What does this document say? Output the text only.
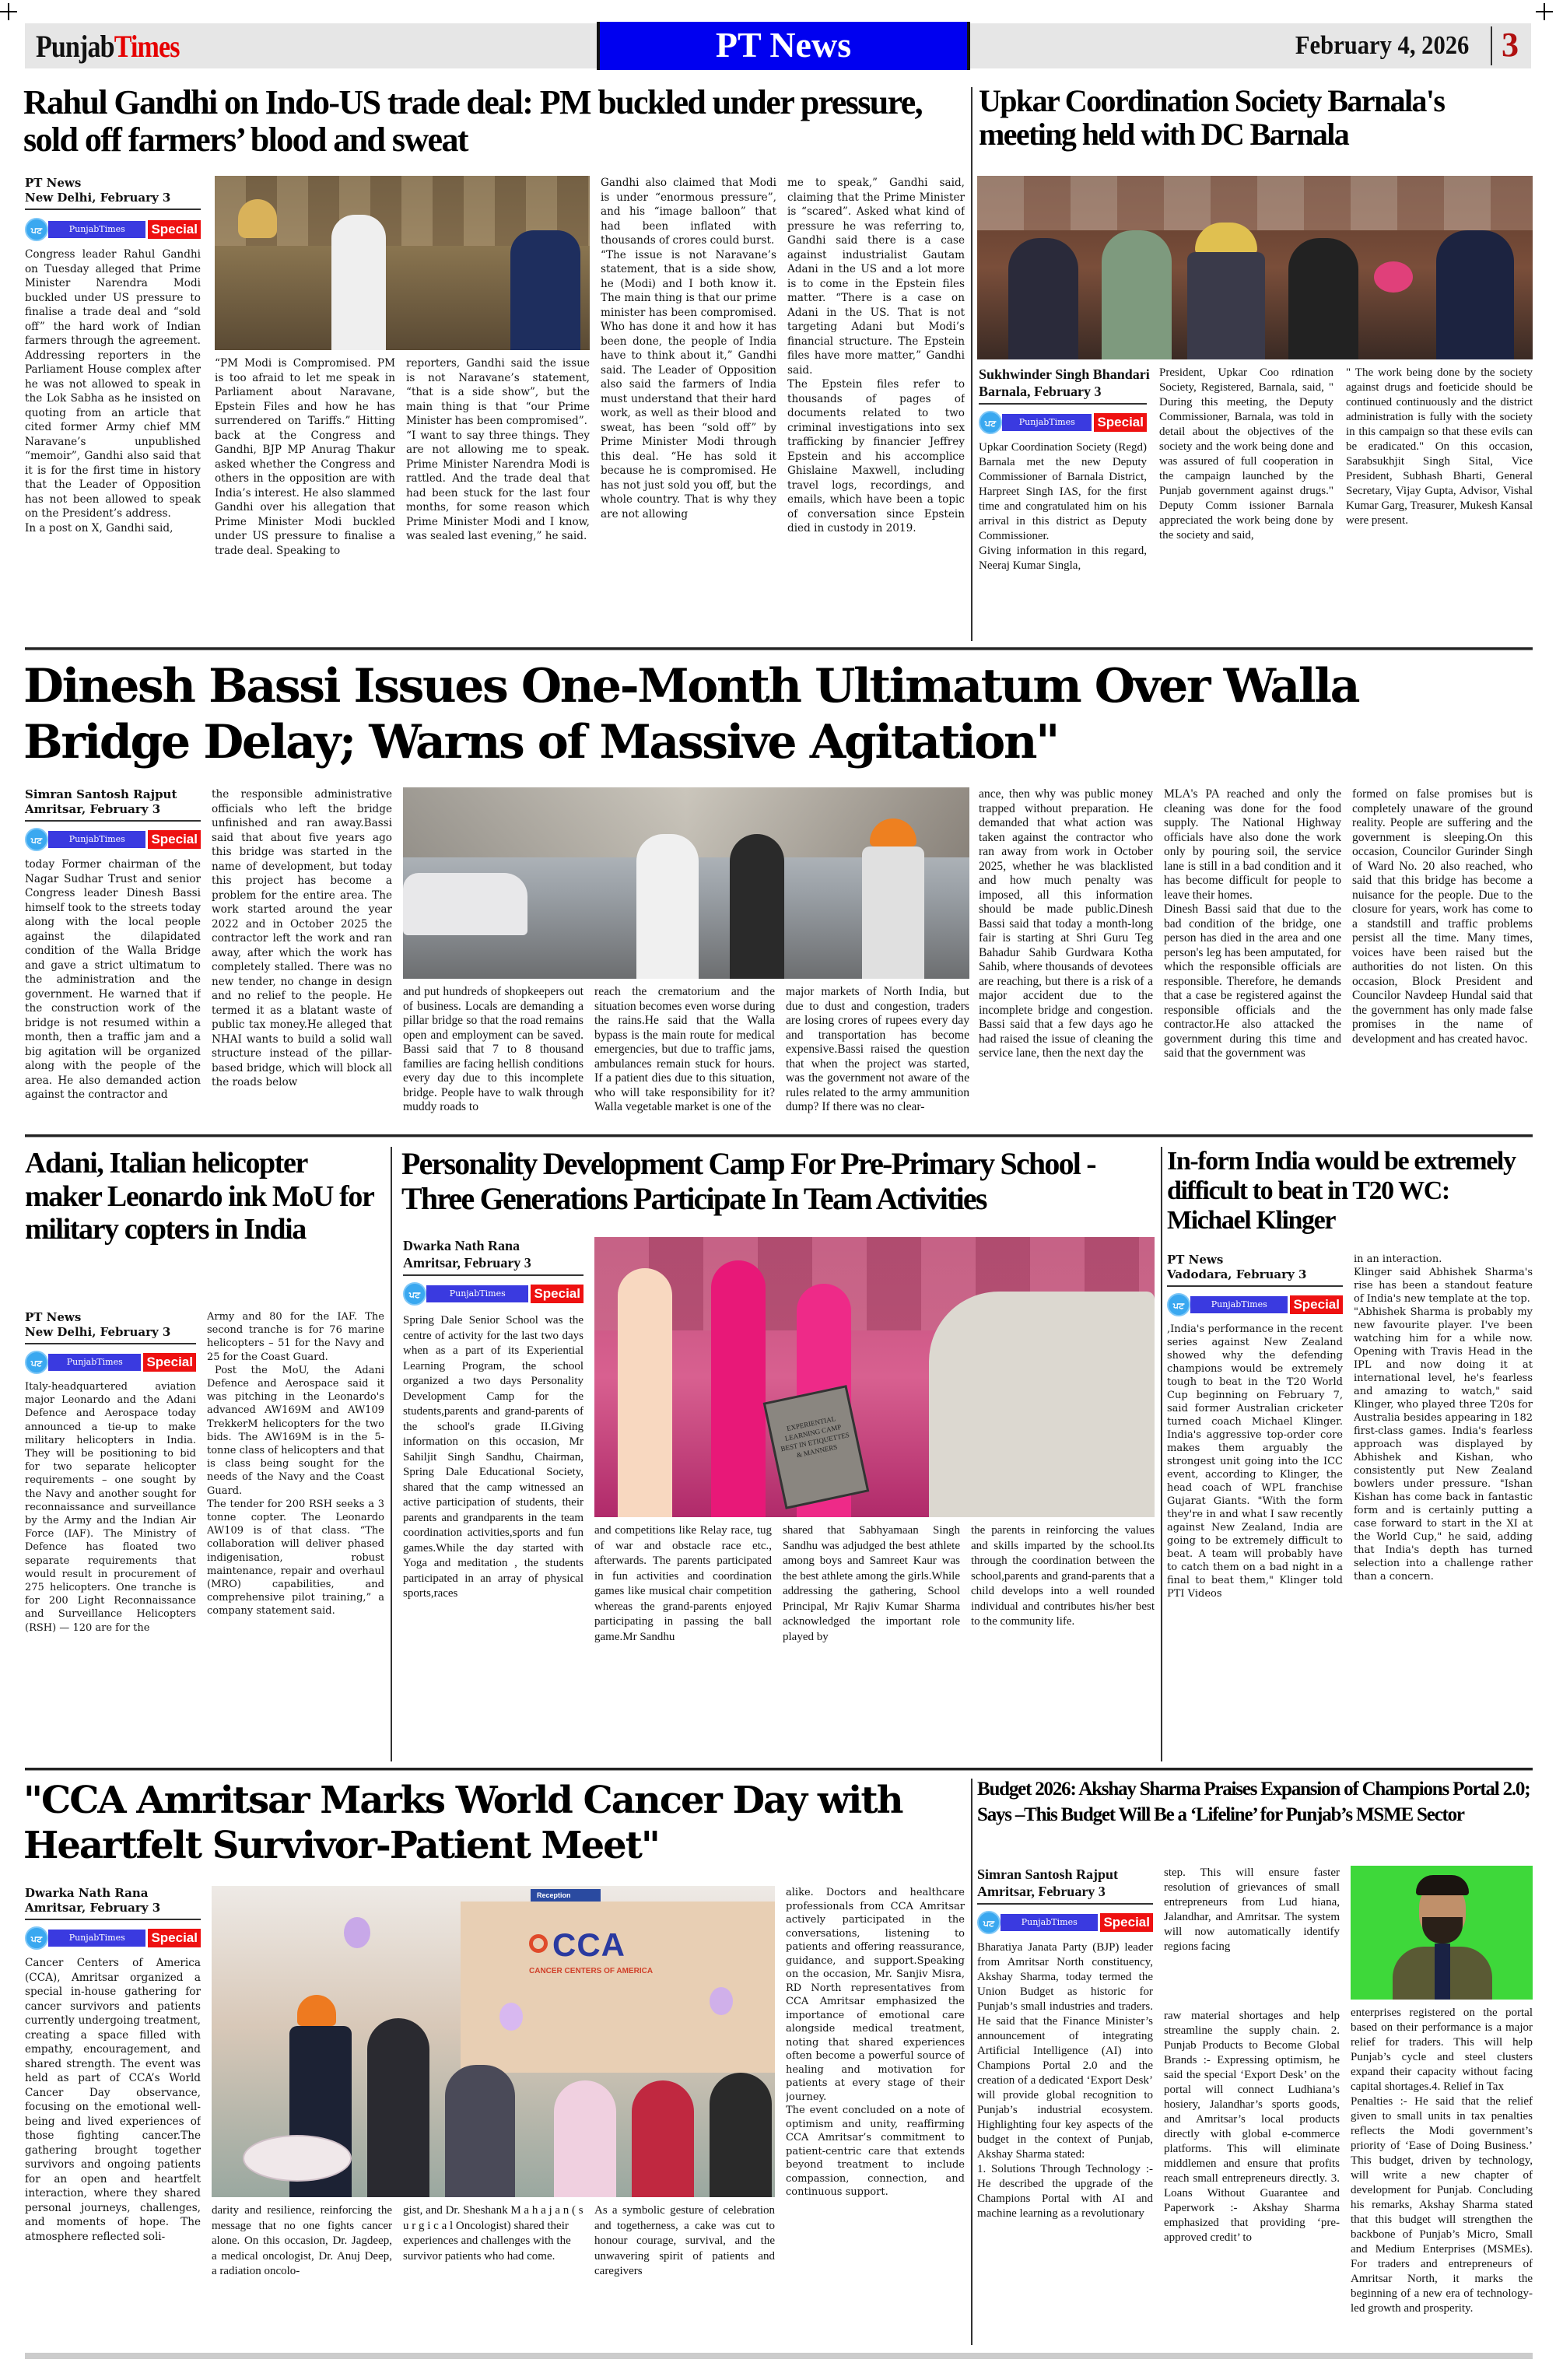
PunjabTimes	PT News	February 4, 2026 3
Rahul Gandhi on Indo-US trade deal: PM buckled under pressure, sold off farmers’ blood and sweat
PT News
New Delhi, February 3
ਪਟ	PunjabTimes	Special

Congress leader Rahul Gandhi on Tuesday alleged that Prime Minister Narendra Modi buckled under US pressure to finalise a trade deal and “sold off” the hard work of Indian farmers through the agreement. Addressing reporters in the Parliament House complex after he was not allowed to speak in the Lok Sabha as he insisted on quoting from an article that cited former Army chief MM Naravane’s unpublished “memoir”, Gandhi also said that it is for the first time in history that the Leader of Opposition has not been allowed to speak on the President’s address.

In a post on X, Gandhi said,

“PM Modi is Compromised. PM is too afraid to let me speak in Parliament about Naravane, Epstein Files and how he has surrendered on Tariffs.” Hitting back at the Congress and Gandhi, BJP MP Anurag Thakur asked whether the Congress and others in the opposition are with India’s interest. He also slammed Gandhi over his allegation that Prime Minister Modi buckled under US pressure to finalise a trade deal. Speaking to

reporters, Gandhi said the issue is not Naravane’s statement, “that is a side show”, but the main thing is that “our Prime Minister has been compromised”.

“I want to say three things. They are not allowing me to speak. Prime Minister Narendra Modi is rattled. And the trade deal that had been stuck for the last four months, for some reason which Prime Minister Modi and I know, was sealed last evening,” he said.

Gandhi also claimed that Modi is under “enormous pressure”, and his “image balloon” that had been inflated with thousands of crores could burst.

“The issue is not Naravane’s statement, that is a side show, he (Modi) and I both know it. The main thing is that our prime minister has been compromised. Who has done it and how it has been done, the people of India have to think about it,” Gandhi said. The Leader of Opposition also said the farmers of India must understand that their hard work, as well as their blood and sweat, has been “sold off” by Prime Minister Modi through this deal. “He has sold it because he is compromised. He has not just sold you off, but the whole country. That is why they are not allowing

me to speak,” Gandhi said, claiming that the Prime Minister is “scared”. Asked what kind of pressure he was referring to, Gandhi said there is a case against industrialist Gautam Adani in the US and a lot more is to come in the Epstein files matter. “There is a case on Adani in the US. That is not targeting Adani but Modi’s financial structure. The Epstein files have more matter,” Gandhi said.

The Epstein files refer to thousands of pages of documents related to two criminal investigations into sex trafficking by financier Jeffrey Epstein and his accomplice Ghislaine Maxwell, including travel logs, recordings, and emails, which have been a topic of conversation since Epstein died in custody in 2019.

Upkar Coordination Society Barnala's meeting held with DC Barnala
Sukhwinder Singh Bhandari
Barnala, February 3
ਪਟ	PunjabTimes	Special

Upkar Coordination Society (Regd) Barnala met the new Deputy Commissioner of Barnala District, Harpreet Singh IAS, for the first time and congratulated him on his arrival in this district as Deputy Commissioner.

Giving information in this regard, Neeraj Kumar Singla,

President, Upkar Coo rdination Society, Registered, Barnala, said, " During this meeting, the Deputy Commissioner, Barnala, was told in detail about the objectives of the society and the work being done and was assured of full cooperation in the campaign launched by the Punjab government against drugs." Deputy Comm issioner Barnala appreciated the work being done by the society and said,

" The work being done by the society against drugs and foeticide should be continued continuously and the district administration is fully with the society in this campaign so that these evils can be eradicated." On this occasion, Sarabsukhjit Singh Sital, Vice President, Subhash Bharti, General Secretary, Vijay Gupta, Advisor, Vishal Kumar Garg, Treasurer, Mukesh Kansal were present.

Dinesh Bassi Issues One-Month Ultimatum Over Walla Bridge Delay; Warns of Massive Agitation"
Simran Santosh Rajput
Amritsar, February 3
ਪਟ	PunjabTimes	Special

today Former chairman of the Nagar Sudhar Trust and senior Congress leader Dinesh Bassi himself took to the streets today along with the local people against the dilapidated condition of the Walla Bridge and gave a strict ultimatum to the administration and the government. He warned that if the construction work of the bridge is not resumed within a month, then a traffic jam and a big agitation will be organized along with the people of the area. He also demanded action against the contractor and

the responsible administrative officials who left the bridge unfinished and ran away.Bassi said that about five years ago this bridge was started in the name of development, but today this project has become a problem for the entire area. The work started around the year 2022 and in October 2025 the contractor left the work and ran away, after which the work has completely stalled. There was no new tender, no change in design and no relief to the people. He termed it as a blatant waste of public tax money.He alleged that NHAI wants to build a solid wall structure instead of the pillar-based bridge, which will block all the roads below

and put hundreds of shopkeepers out of business. Locals are demanding a pillar bridge so that the road remains open and employment can be saved. Bassi said that 7 to 8 thousand families are facing hellish conditions every day due to this incomplete bridge. People have to walk through muddy roads to

reach the crematorium and the situation becomes even worse during the rains.He said that the Walla bypass is the main route for medical emergencies, but due to traffic jams, ambulances remain stuck for hours. If a patient dies due to this situation, who will take responsibility for it? Walla vegetable market is one of the

major markets of North India, but due to dust and congestion, traders are losing crores of rupees every day and transportation has become expensive.Bassi raised the question that when the project was started, was the government not aware of the rules related to the army ammunition dump? If there was no clear-

ance, then why was public money trapped without preparation. He demanded that what action was taken against the contractor who ran away from work in October 2025, whether he was blacklisted and how much penalty was imposed, all this information should be made public.Dinesh Bassi said that today a month-long fair is starting at Shri Guru Teg Bahadur Sahib Gurdwara Kotha Sahib, where thousands of devotees are reaching, but there is a risk of a major accident due to the incomplete bridge and congestion. Bassi said that a few days ago he had raised the issue of cleaning the service lane, then the next day the

MLA's PA reached and only the cleaning was done for the food supply. The National Highway officials have also done the work only by pouring soil, the service lane is still in a bad condition and it has become difficult for people to leave their homes.

Dinesh Bassi said that due to the bad condition of the bridge, one person has died in the area and one person's leg has been amputated, for which the responsible officials are responsible. Therefore, he demands that a case be registered against the responsible officials and the contractor.He also attacked the government during this time and said that the government was

formed on false promises but is completely unaware of the ground reality. People are suffering and the government is sleeping.On this occasion, Councilor Gurinder Singh of Ward No. 20 also reached, who said that this bridge has become a nuisance for the people. Due to the closure for years, work has come to a standstill and traffic problems persist all the time. Many times, voices have been raised but the authorities do not listen. On this occasion, Block President and Councilor Navdeep Hundal said that the government has only made false promises in the name of development and has created havoc.

Adani, Italian helicopter maker Leonardo ink MoU for military copters in India
PT News
New Delhi, February 3
ਪਟ	PunjabTimes	Special

Italy-headquartered aviation major Leonardo and the Adani Defence and Aerospace today announced a tie-up to make military helicopters in India. They will be positioning to bid for two separate helicopter requirements – one sought by the Navy and another sought for reconnaissance and surveillance by the Army and the Indian Air Force (IAF). The Ministry of Defence has floated two separate requirements that would result in procurement of 275 helicopters. One tranche is for 200 Light Reconnaissance and Surveillance Helicopters (RSH) — 120 are for the

Army and 80 for the IAF. The second tranche is for 76 marine helicopters – 51 for the Navy and 25 for the Coast Guard.

Post the MoU, the Adani Defence and Aerospace said it was pitching in the Leonardo's advanced AW169M and AW109 TrekkerM helicopters for the two bids. The AW169M is in the 5-tonne class of helicopters and that is class being sought for the needs of the Navy and the Coast Guard.

The tender for 200 RSH seeks a 3 tonne copter. The Leonardo AW109 is of that class. “The collaboration will deliver phased indigenisation, robust maintenance, repair and overhaul (MRO) capabilities, and comprehensive pilot training,” a company statement said.

Personality Development Camp For Pre-Primary School - Three Generations Participate In Team Activities
Dwarka Nath Rana
Amritsar, February 3
ਪਟ	PunjabTimes	Special

Spring Dale Senior School was the centre of activity for the last two days when as a part of its Experiential Learning Program, the school organized a two days Personality Development Camp for the students,parents and grand-parents of the school's grade II.Giving information on this occasion, Mr Sahiljit Singh Sandhu, Chairman, Spring Dale Educational Society, shared that the camp witnessed an active participation of students, their parents and grandparents in the team coordination activities,sports and fun games.While the day started with Yoga and meditation , the students participated in an array of physical sports,races

EXPERIENTIAL LEARNING CAMP BEST IN ETIQUETTES & MANNERS

and competitions like Relay race, tug of war and obstacle race etc., afterwards. The parents participated in fun activities and coordination games like musical chair competition whereas the grand-parents enjoyed participating in passing the ball game.Mr Sandhu

shared that Sabhyamaan Singh Sandhu was adjudged the best athlete among boys and Samreet Kaur was the best athlete among the girls.While addressing the gathering, School Principal, Mr Rajiv Kumar Sharma acknowledged the important role played by

the parents in reinforcing the values and skills imparted by the school.Its through the coordination between the school,parents and grand-parents that a child develops into a well rounded individual and contributes his/her best to the community life.

In-form India would be extremely difficult to beat in T20 WC: Michael Klinger
PT News
Vadodara, February 3
ਪਟ	PunjabTimes	Special

,India's performance in the recent series against New Zealand showed why the defending champions would be extremely tough to beat in the T20 World Cup beginning on February 7, said former Australian cricketer turned coach Michael Klinger. India's aggressive top-order core makes them arguably the strongest unit going into the ICC event, according to Klinger, the head coach of WPL franchise Gujarat Giants. "With the form they're in and what I saw recently against New Zealand, India are going to be extremely difficult to beat. A team will probably have to catch them on a bad night in a final to beat them," Klinger told PTI Videos

in an interaction.

Klinger said Abhishek Sharma's rise has been a standout feature of India's new template at the top.

"Abhishek Sharma is probably my new favourite player. I've been watching him for a while now. Opening with Travis Head in the IPL and now doing it at international level, he's fearless and amazing to watch," said Klinger, who played three T20s for Australia besides appearing in 182 first-class games. India's fearless approach was displayed by Abhishek and Kishan, who consistently put New Zealand bowlers under pressure. "Ishan Kishan has come back in fantastic form and is certainly putting a case forward to start in the XI at the World Cup," he said, adding that India's depth has turned selection into a challenge rather than a concern.

"CCA Amritsar Marks World Cancer Day with Heartfelt Survivor-Patient Meet"
Dwarka Nath Rana
Amritsar, February 3
ਪਟ	PunjabTimes	Special

Cancer Centers of America (CCA), Amritsar organized a special in-house gathering for cancer survivors and patients currently undergoing treatment, creating a space filled with empathy, encouragement, and shared strength. The event was held as part of CCA’s World Cancer Day observance, focusing on the emotional well-being and lived experiences of those fighting cancer.The gathering brought together survivors and ongoing patients for an open and heartfelt interaction, where they shared personal journeys, challenges, and moments of hope. The atmosphere reflected soli-

CCA
CANCER CENTERS OF AMERICA
Reception

darity and resilience, reinforcing the message that no one fights cancer alone. On this occasion, Dr. Jagdeep, a medical oncologist, Dr. Anuj Deep, a radiation oncolo-

gist, and Dr. Sheshank M a h a j a n ( s u r g i c a l Oncologist) shared their experiences and challenges with the survivor patients who had come.

As a symbolic gesture of celebration and togetherness, a cake was cut to honour courage, survival, and the unwavering spirit of patients and caregivers

alike. Doctors and healthcare professionals from CCA Amritsar actively participated in the conversations, listening to patients and offering reassurance, guidance, and support.Speaking on the occasion, Mr. Sanjiv Misra, RD North representatives from CCA Amritsar emphasized the importance of emotional care alongside medical treatment, noting that shared experiences often become a powerful source of healing and motivation for patients at every stage of their journey.

The event concluded on a note of optimism and unity, reaffirming CCA Amritsar’s commitment to patient-centric care that extends beyond treatment to include compassion, connection, and continuous support.

Budget 2026: Akshay Sharma Praises Expansion of Champions Portal 2.0;
Says –This Budget Will Be a ‘Lifeline’ for Punjab’s MSME Sector
Simran Santosh Rajput
Amritsar, February 3
ਪਟ	PunjabTimes	Special

Bharatiya Janata Party (BJP) leader from Amritsar North constituency, Akshay Sharma, today termed the Union Budget as historic for Punjab’s small industries and traders. He said that the Finance Minister’s announcement of integrating Artificial Intelligence (AI) into Champions Portal 2.0 and the creation of a dedicated ‘Export Desk’ will provide global recognition to Punjab’s industrial ecosystem. Highlighting four key aspects of the budget in the context of Punjab, Akshay Sharma stated:

1. Solutions Through Technology :- He described the upgrade of the Champions Portal with AI and machine learning as a revolutionary

step. This will ensure faster resolution of grievances of small entrepreneurs from Lud hiana, Jalandhar, and Amritsar. The system will now automatically identify regions facing

raw material shortages and help streamline the supply chain. 2. Punjab Products to Become Global Brands :- Expressing optimism, he said the special ‘Export Desk’ on the portal will connect Ludhiana’s hosiery, Jalandhar’s sports goods, and Amritsar’s local products directly with global e-commerce platforms. This will eliminate middlemen and ensure that profits reach small entrepreneurs directly. 3. Loans Without Guarantee and Paperwork :- Akshay Sharma emphasized that providing ‘pre-approved credit’ to

enterprises registered on the portal based on their performance is a major relief for traders. This will help Punjab’s cycle and steel clusters expand their capacity without facing capital shortages.4. Relief in Tax

Penalties :- He said that the relief given to small units in tax penalties reflects the Modi government’s priority of ‘Ease of Doing Business.’ This budget, driven by technology, will write a new chapter of development for Punjab. Concluding his remarks, Akshay Sharma stated that this budget will strengthen the backbone of Punjab’s Micro, Small and Medium Enterprises (MSMEs). For traders and entrepreneurs of Amritsar North, it marks the beginning of a new era of technology-led growth and prosperity.
